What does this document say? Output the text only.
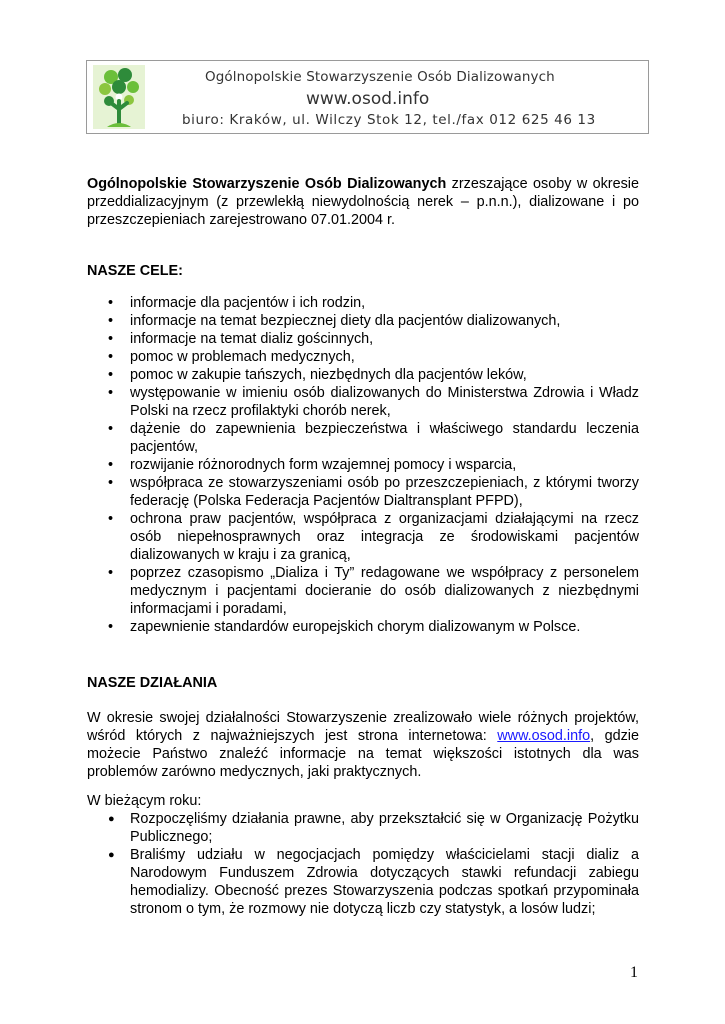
Ogólnopolskie Stowarzyszenie Osób Dializowanych
www.osod.info
biuro: Kraków, ul. Wilczy Stok 12, tel./fax 012 625 46 13
Ogólnopolskie Stowarzyszenie Osób Dializowanych zrzeszające osoby w okresie przeddializacyjnym (z przewlekłą niewydolnością nerek – p.n.n.), dializowane i po przeszczepieniach zarejestrowano 07.01.2004 r.
NASZE CELE:
• informacje dla pacjentów i ich rodzin,
• informacje na temat bezpiecznej diety dla pacjentów dializowanych,
• informacje na temat dializ gościnnych,
• pomoc w problemach medycznych,
• pomoc w zakupie tańszych, niezbędnych dla pacjentów leków,
• występowanie w imieniu osób dializowanych do Ministerstwa Zdrowia i Władz Polski na rzecz profilaktyki chorób nerek,
• dążenie do zapewnienia bezpieczeństwa i właściwego standardu leczenia pacjentów,
• rozwijanie różnorodnych form wzajemnej pomocy i wsparcia,
• współpraca ze stowarzyszeniami osób po przeszczepieniach, z którymi tworzy federację (Polska Federacja Pacjentów Dialtransplant PFPD),
• ochrona praw pacjentów, współpraca z organizacjami działającymi na rzecz osób niepełnosprawnych oraz integracja ze środowiskami pacjentów dializowanych w kraju i za granicą,
• poprzez czasopismo „Dializa i Ty” redagowane we współpracy z personelem medycznym i pacjentami docieranie do osób dializowanych z niezbędnymi informacjami i poradami,
• zapewnienie standardów europejskich chorym dializowanym w Polsce.
NASZE DZIAŁANIA
W okresie swojej działalności Stowarzyszenie zrealizowało wiele różnych projektów, wśród których z najważniejszych jest strona internetowa: www.osod.info, gdzie możecie Państwo znaleźć informacje na temat większości istotnych dla was problemów zarówno medycznych, jaki praktycznych.
W bieżącym roku:
● Rozpoczęliśmy działania prawne, aby przekształcić się w Organizację Pożytku Publicznego;
● Braliśmy udziału w negocjacjach pomiędzy właścicielami stacji dializ a Narodowym Funduszem Zdrowia dotyczących stawki refundacji zabiegu hemodializy. Obecność prezes Stowarzyszenia podczas spotkań przypominała stronom o tym, że rozmowy nie dotyczą liczb czy statystyk, a losów ludzi;
1
